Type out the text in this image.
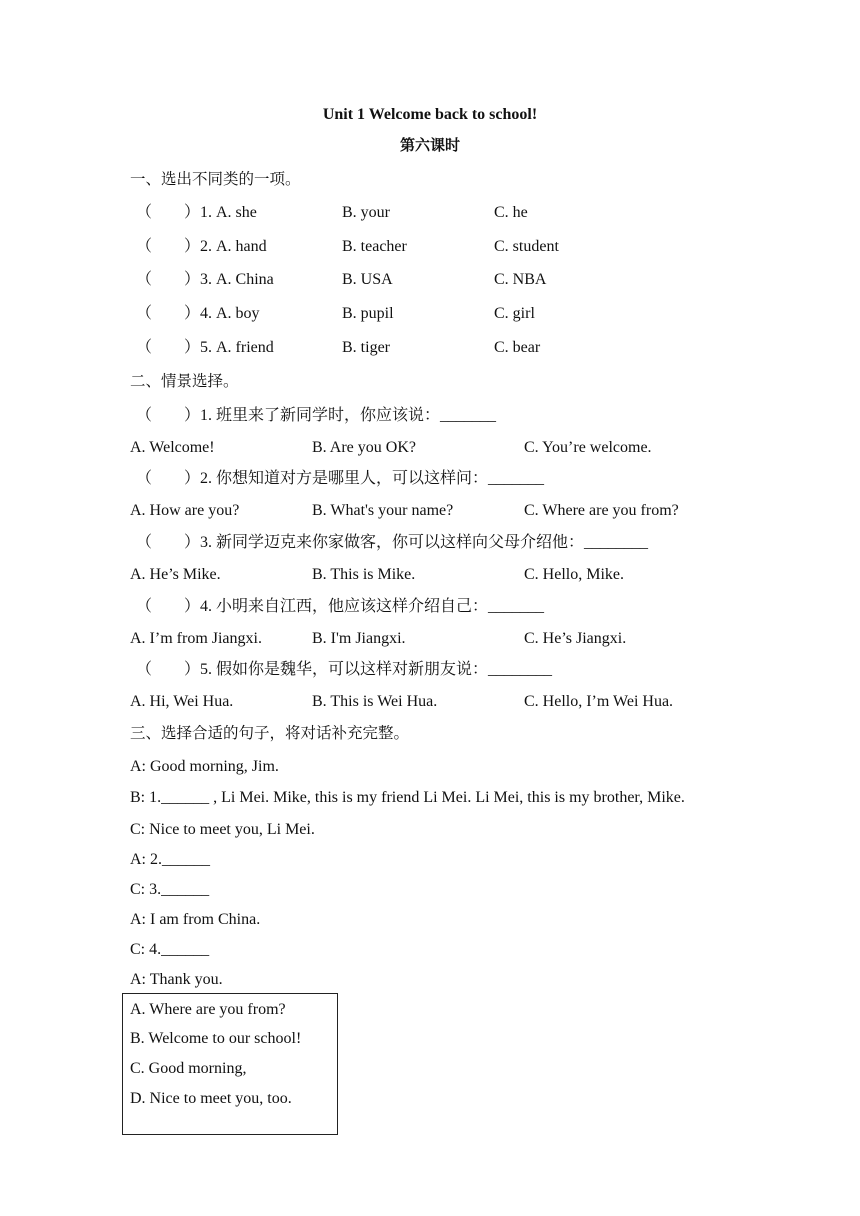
Unit 1 Welcome back to school!
第六课时
一、选出不同类的一项。
（　　）1. A. she	B. your	C. he
（　　）2. A. hand	B. teacher	C. student
（　　）3. A. China	B. USA	C. NBA
（　　）4. A. boy	B. pupil	C. girl
（　　）5. A. friend	B. tiger	C. bear
二、情景选择。
（　　）1. 班里来了新同学时，你应该说：_______
A. Welcome!	B. Are you OK?	C. You’re welcome.
（　　）2. 你想知道对方是哪里人，可以这样问：_______
A. How are you?	B. What's your name?	C. Where are you from?
（　　）3. 新同学迈克来你家做客，你可以这样向父母介绍他：________
A. He’s Mike.	B. This is Mike.	C. Hello, Mike.
（　　）4. 小明来自江西，他应该这样介绍自己：_______
A. I’m from Jiangxi.	B. I'm Jiangxi.	C. He’s Jiangxi.
（　　）5. 假如你是魏华，可以这样对新朋友说：________
A. Hi, Wei Hua.	B. This is Wei Hua.	C. Hello, I’m Wei Hua.
三、选择合适的句子，将对话补充完整。
A: Good morning, Jim.
B: 1.______ , Li Mei. Mike, this is my friend Li Mei. Li Mei, this is my brother, Mike.
C: Nice to meet you, Li Mei.
A: 2.______
C: 3.______
A: I am from China.
C: 4.______
A: Thank you.
A. Where are you from?
B. Welcome to our school!
C. Good morning,
D. Nice to meet you, too.
